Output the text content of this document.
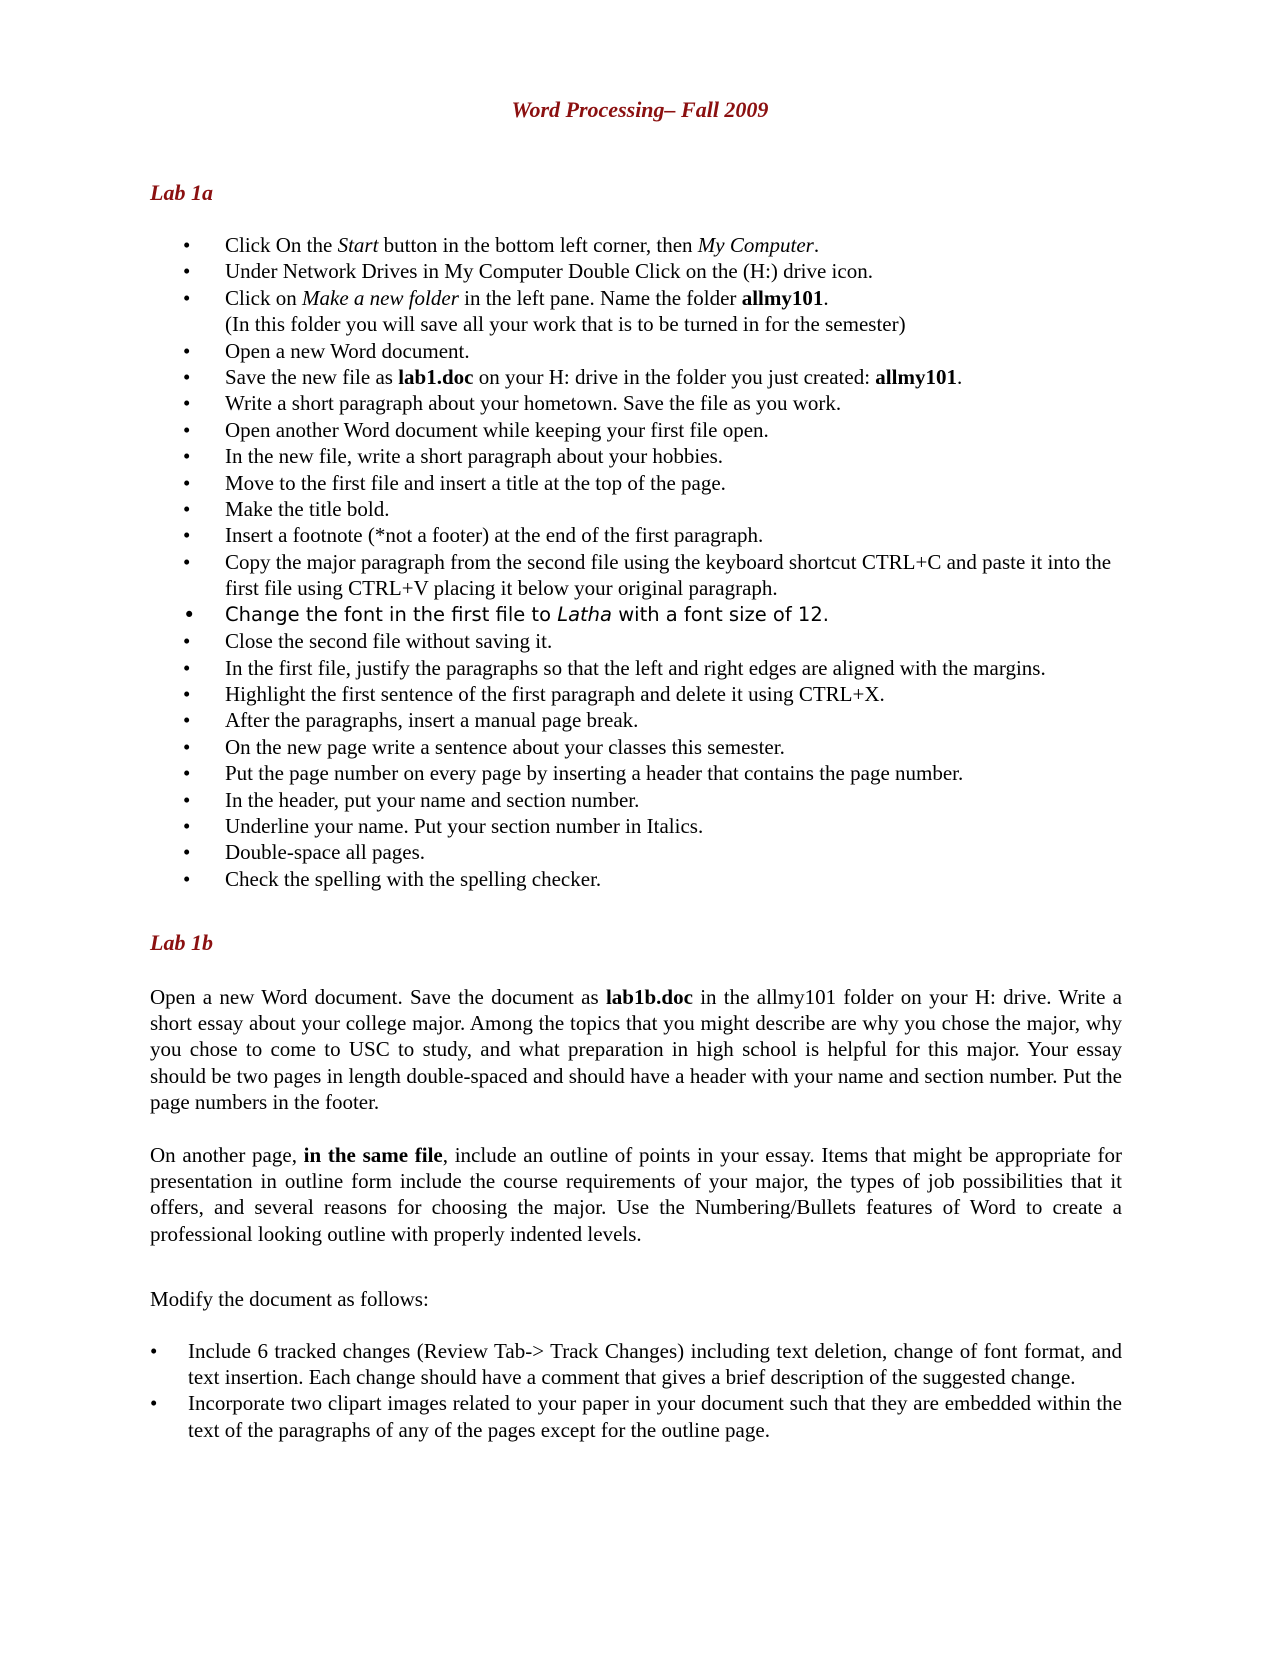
Word Processing– Fall 2009
Lab 1a
• Click On the Start button in the bottom left corner, then My Computer.
• Under Network Drives in My Computer Double Click on the (H:) drive icon.
• Click on Make a new folder in the left pane. Name the folder allmy101.
(In this folder you will save all your work that is to be turned in for the semester)
• Open a new Word document.
• Save the new file as lab1.doc on your H: drive in the folder you just created: allmy101.
• Write a short paragraph about your hometown. Save the file as you work.
• Open another Word document while keeping your first file open.
• In the new file, write a short paragraph about your hobbies.
• Move to the first file and insert a title at the top of the page.
• Make the title bold.
• Insert a footnote (*not a footer) at the end of the first paragraph.
• Copy the major paragraph from the second file using the keyboard shortcut CTRL+C and paste it into the first file using CTRL+V placing it below your original paragraph.
• Change the font in the first file to Latha with a font size of 12.
• Close the second file without saving it.
• In the first file, justify the paragraphs so that the left and right edges are aligned with the margins.
• Highlight the first sentence of the first paragraph and delete it using CTRL+X.
• After the paragraphs, insert a manual page break.
• On the new page write a sentence about your classes this semester.
• Put the page number on every page by inserting a header that contains the page number.
• In the header, put your name and section number.
• Underline your name. Put your section number in Italics.
• Double-space all pages.
• Check the spelling with the spelling checker.
Lab 1b

Open a new Word document. Save the document as lab1b.doc in the allmy101 folder on your H: drive. Write a short essay about your college major. Among the topics that you might describe are why you chose the major, why you chose to come to USC to study, and what preparation in high school is helpful for this major. Your essay should be two pages in length double-spaced and should have a header with your name and section number. Put the page numbers in the footer.

On another page, in the same file, include an outline of points in your essay. Items that might be appropriate for presentation in outline form include the course requirements of your major, the types of job possibilities that it offers, and several reasons for choosing the major. Use the Numbering/Bullets features of Word to create a professional looking outline with properly indented levels.

Modify the document as follows:

• Include 6 tracked changes (Review Tab-> Track Changes) including text deletion, change of font format, and text insertion. Each change should have a comment that gives a brief description of the suggested change.
• Incorporate two clipart images related to your paper in your document such that they are embedded within the text of the paragraphs of any of the pages except for the outline page.
